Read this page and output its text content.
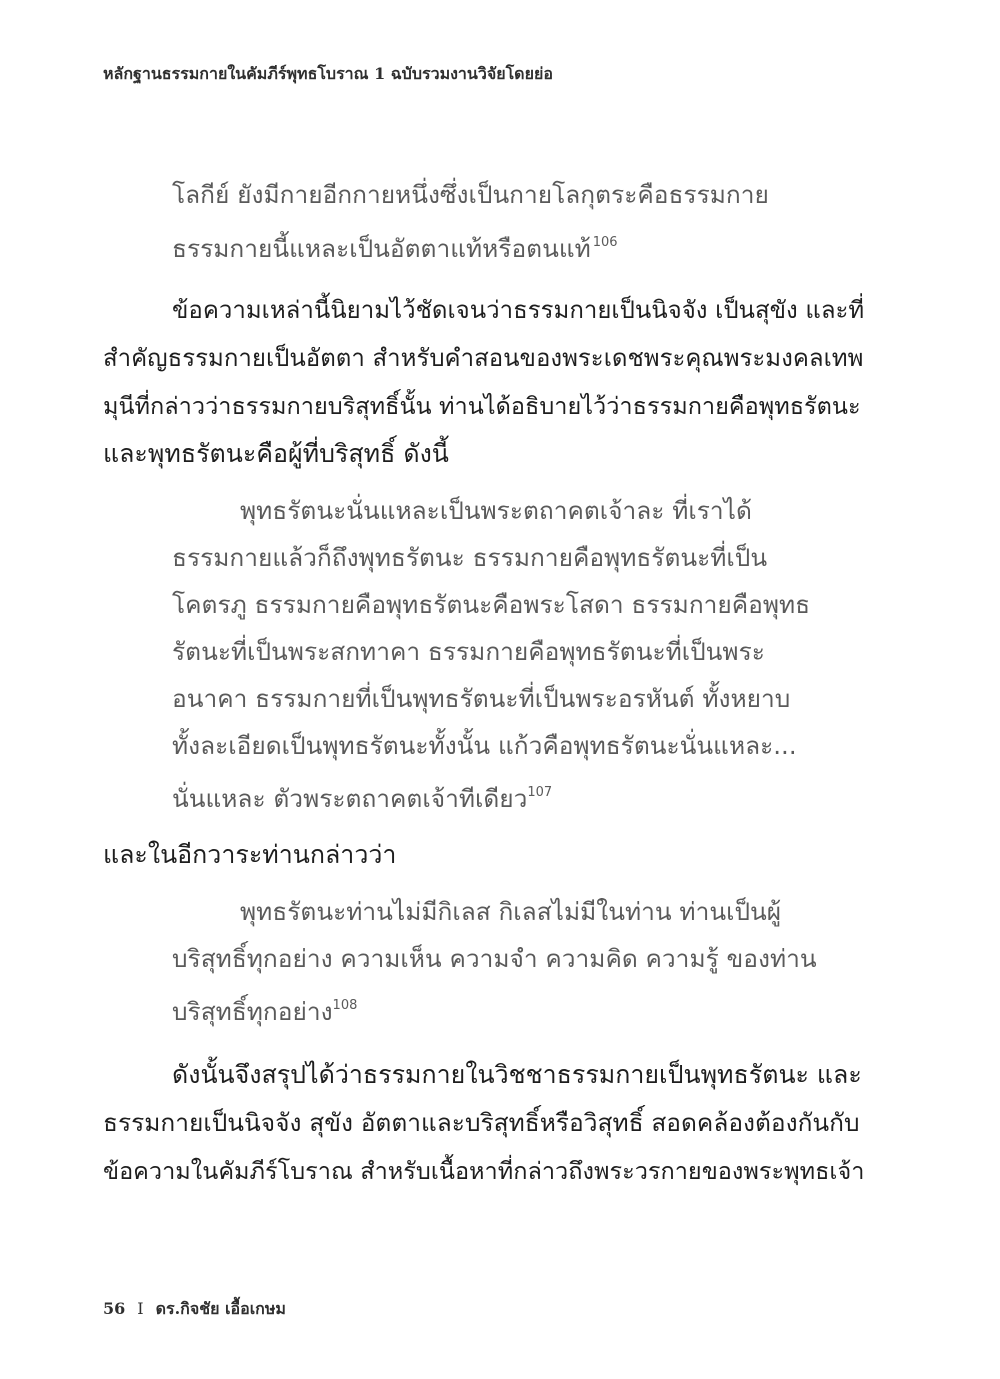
หลักฐานธรรมกายในคัมภีร์พุทธโบราณ 1 ฉบับรวมงานวิจัยโดยย่อ
โลกีย์ ยังมีกายอีกกายหนึ่งซึ่งเป็นกายโลกุตระคือธรรมกาย
ธรรมกายนี้แหละเป็นอัตตาแท้หรือตนแท้ $^{106}$
ข้อความเหล่านี้นิยามไว้ชัดเจนว่าธรรมกายเป็นนิจจัง เป็นสุขัง และที่
สำคัญธรรมกายเป็นอัตตา สำหรับคำสอนของพระเดชพระคุณพระมงคลเทพ
มุนีที่กล่าวว่าธรรมกายบริสุทธิ์นั้น ท่านได้อธิบายไว้ว่าธรรมกายคือพุทธรัตนะ
และพุทธรัตนะคือผู้ที่บริสุทธิ์ ดังนี้
พุทธรัตนะนั่นแหละเป็นพระตถาคตเจ้าละ ที่เราได้
ธรรมกายแล้วก็ถึงพุทธรัตนะ ธรรมกายคือพุทธรัตนะที่เป็น
โคตรภู ธรรมกายคือพุทธรัตนะคือพระโสดา ธรรมกายคือพุทธ
รัตนะที่เป็นพระสกทาคา ธรรมกายคือพุทธรัตนะที่เป็นพระ
อนาคา ธรรมกายที่เป็นพุทธรัตนะที่เป็นพระอรหันต์ ทั้งหยาบ
ทั้งละเอียดเป็นพุทธรัตนะทั้งนั้น แก้วคือพุทธรัตนะนั่นแหละ...
นั่นแหละ ตัวพระตถาคตเจ้าทีเดียว$^{107}$
และในอีกวาระท่านกล่าวว่า
พุทธรัตนะท่านไม่มีกิเลส กิเลสไม่มีในท่าน ท่านเป็นผู้
บริสุทธิ์ทุกอย่าง ความเห็น ความจำ ความคิด ความรู้ ของท่าน
บริสุทธิ์ทุกอย่าง$^{108}$
ดังนั้นจึงสรุปได้ว่าธรรมกายในวิชชาธรรมกายเป็นพุทธรัตนะ และ
ธรรมกายเป็นนิจจัง สุขัง อัตตาและบริสุทธิ์หรือวิสุทธิ์ สอดคล้องต้องกันกับ
ข้อความในคัมภีร์โบราณ สำหรับเนื้อหาที่กล่าวถึงพระวรกายของพระพุทธเจ้า
56 I ดร.กิจชัย เอื้อเกษม
